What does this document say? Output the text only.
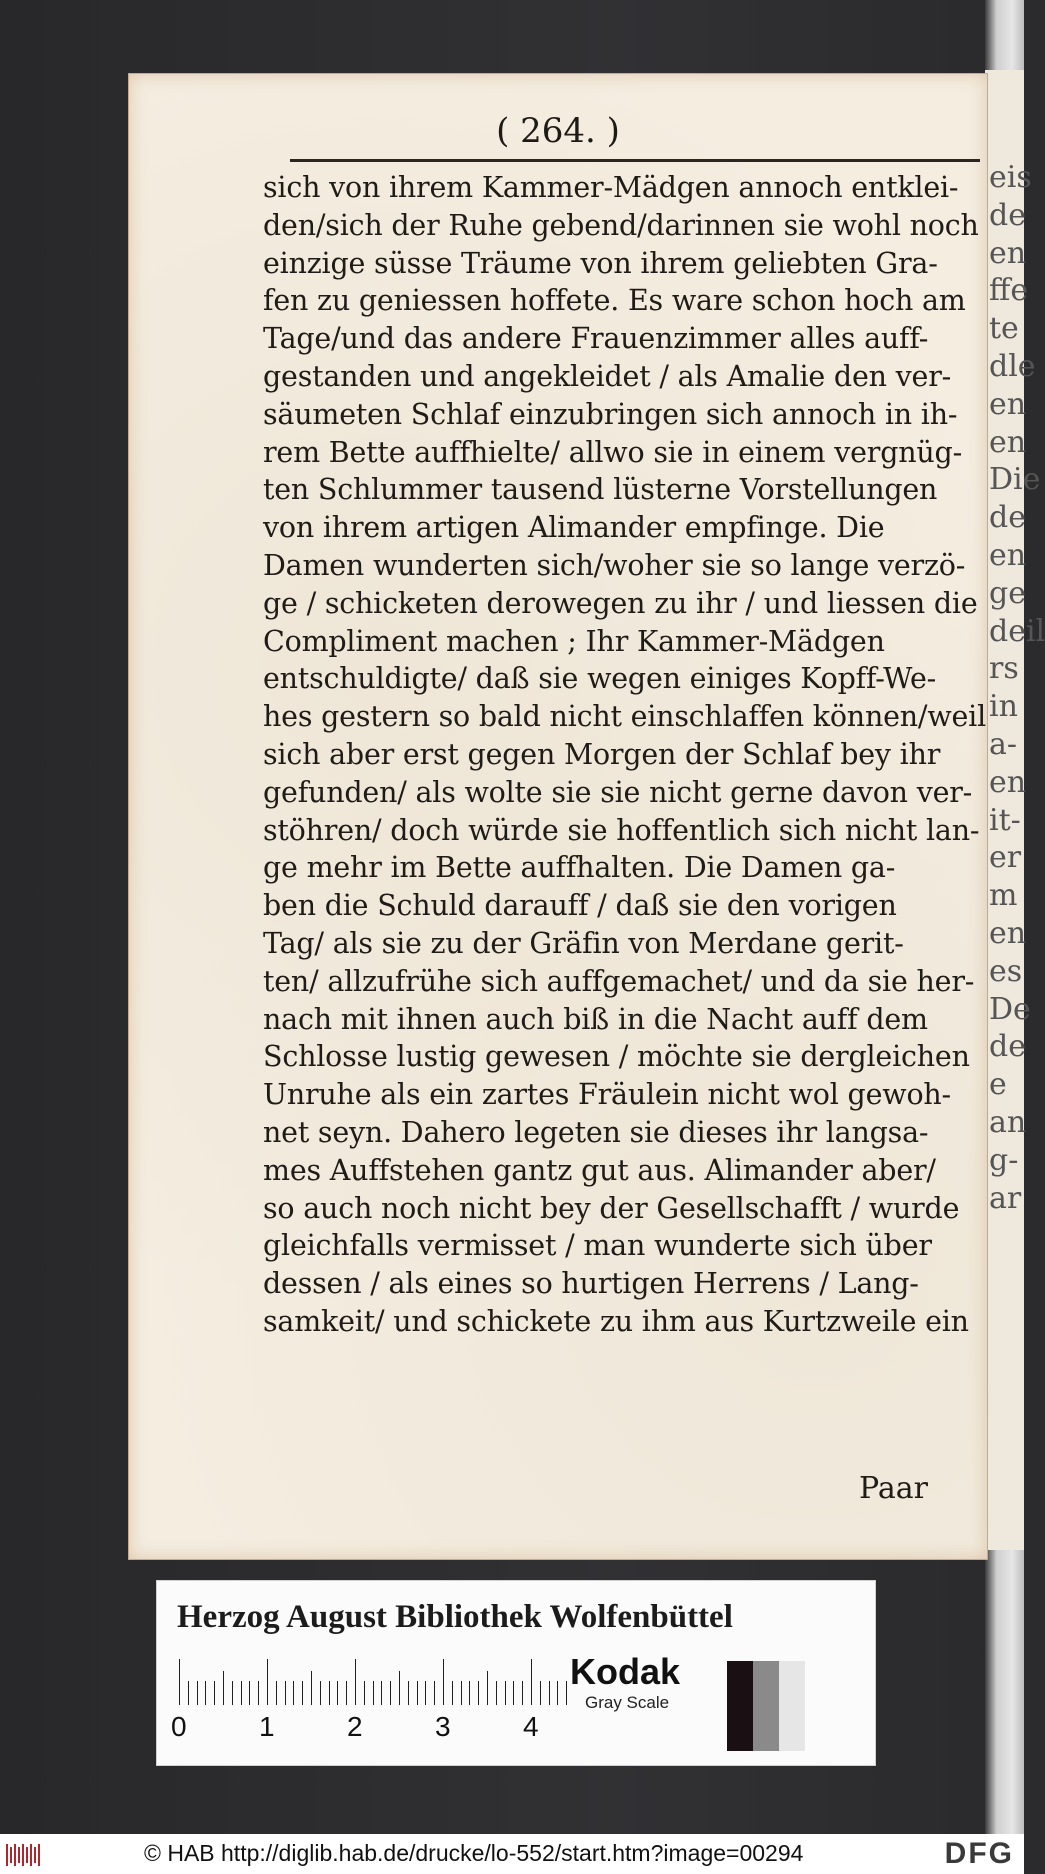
eis
de
en
ffe
te
dle
en
en
Die
de
en
ge
deil
rs
in
a-
en
it-
er
m
en
es
De
de
e
an
g-
ar
( 264. )
sich von ihrem Kammer-Mädgen annoch entklei-
den/sich der Ruhe gebend/darinnen sie wohl noch
einzige süsse Träume von ihrem geliebten Gra-
fen zu geniessen hoffete. Es ware schon hoch am
Tage/und das andere Frauenzimmer alles auff-
gestanden und angekleidet / als Amalie den ver-
säumeten Schlaf einzubringen sich annoch in ih-
rem Bette auffhielte/ allwo sie in einem vergnüg-
ten Schlummer tausend lüsterne Vorstellungen
von ihrem artigen Alimander empfinge. Die
Damen wunderten sich/woher sie so lange verzö-
ge / schicketen derowegen zu ihr / und liessen die
Compliment machen ; Ihr Kammer-Mädgen
entschuldigte/ daß sie wegen einiges Kopff-We-
hes gestern so bald nicht einschlaffen können/weil
sich aber erst gegen Morgen der Schlaf bey ihr
gefunden/ als wolte sie sie nicht gerne davon ver-
stöhren/ doch würde sie hoffentlich sich nicht lan-
ge mehr im Bette auffhalten. Die Damen ga-
ben die Schuld darauff / daß sie den vorigen
Tag/ als sie zu der Gräfin von Merdane gerit-
ten/ allzufrühe sich auffgemachet/ und da sie her-
nach mit ihnen auch biß in die Nacht auff dem
Schlosse lustig gewesen / möchte sie dergleichen
Unruhe als ein zartes Fräulein nicht wol gewoh-
net seyn. Dahero legeten sie dieses ihr langsa-
mes Auffstehen gantz gut aus. Alimander aber/
so auch noch nicht bey der Gesellschafft / wurde
gleichfalls vermisset / man wunderte sich über
dessen / als eines so hurtigen Herrens / Lang-
samkeit/ und schickete zu ihm aus Kurtzweile ein
Paar
Herzog August Bibliothek Wolfenbüttel
Kodak
Gray Scale
0	1	2	3	4
© HAB http://diglib.hab.de/drucke/lo-552/start.htm?image=00294	DFG
